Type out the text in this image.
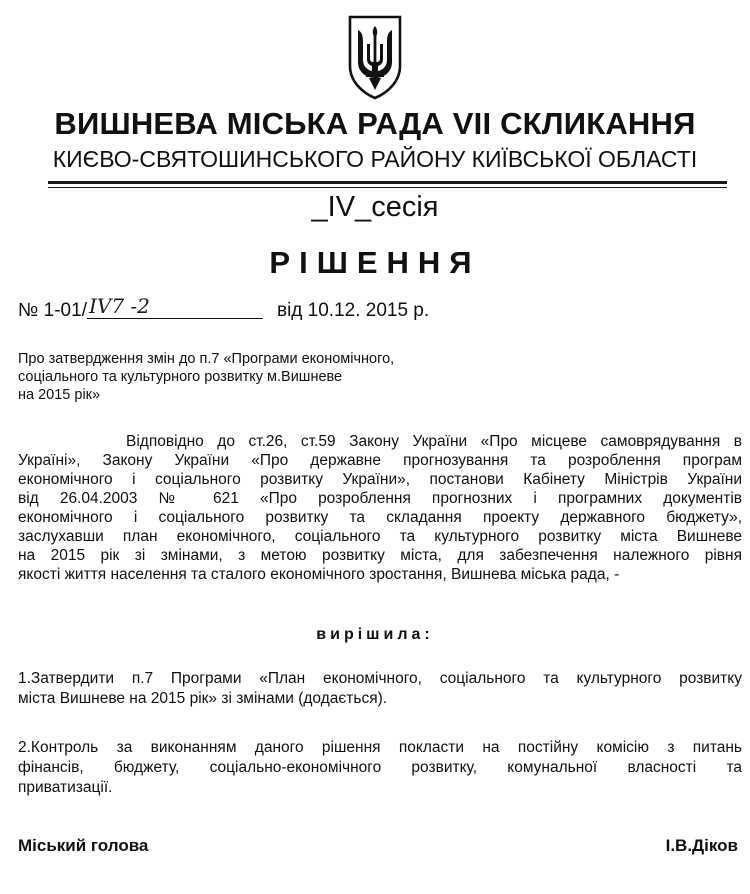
ВИШНЕВА МІСЬКА РАДА VII СКЛИКАННЯ
КИЄВО-СВЯТОШИНСЬКОГО РАЙОНУ КИЇВСЬКОЇ ОБЛАСТІ
_IV_сесія
РІШЕННЯ
№ 1-01/ IV7 -2	від 10.12. 2015 р.
Про затвердження змін до п.7 «Програми економічного,
соціального та культурного розвитку м.Вишневе
на 2015 рік»
Відповідно до ст.26, ст.59 Закону України «Про місцеве самоврядування в
Україні», Закону України «Про державне прогнозування та розроблення програм
економічного і соціального розвитку України», постанови Кабінету Міністрів України
від 26.04.2003 № 621 «Про розроблення прогнозних і програмних документів
економічного і соціального розвитку та складання проекту державного бюджету»,
заслухавши план економічного, соціального та культурного розвитку міста Вишневе
на 2015 рік зі змінами, з метою розвитку міста, для забезпечення належного рівня
якості життя населення та сталого економічного зростання, Вишнева міська рада, -
вирішила:
1.Затвердити п.7 Програми «План економічного, соціального та культурного розвитку
міста Вишневе на 2015 рік» зі змінами (додається).
2.Контроль за виконанням даного рішення покласти на постійну комісію з питань
фінансів, бюджету, соціально-економічного розвитку, комунальної власності та
приватизації.
Міський голова	І.В.Діков
